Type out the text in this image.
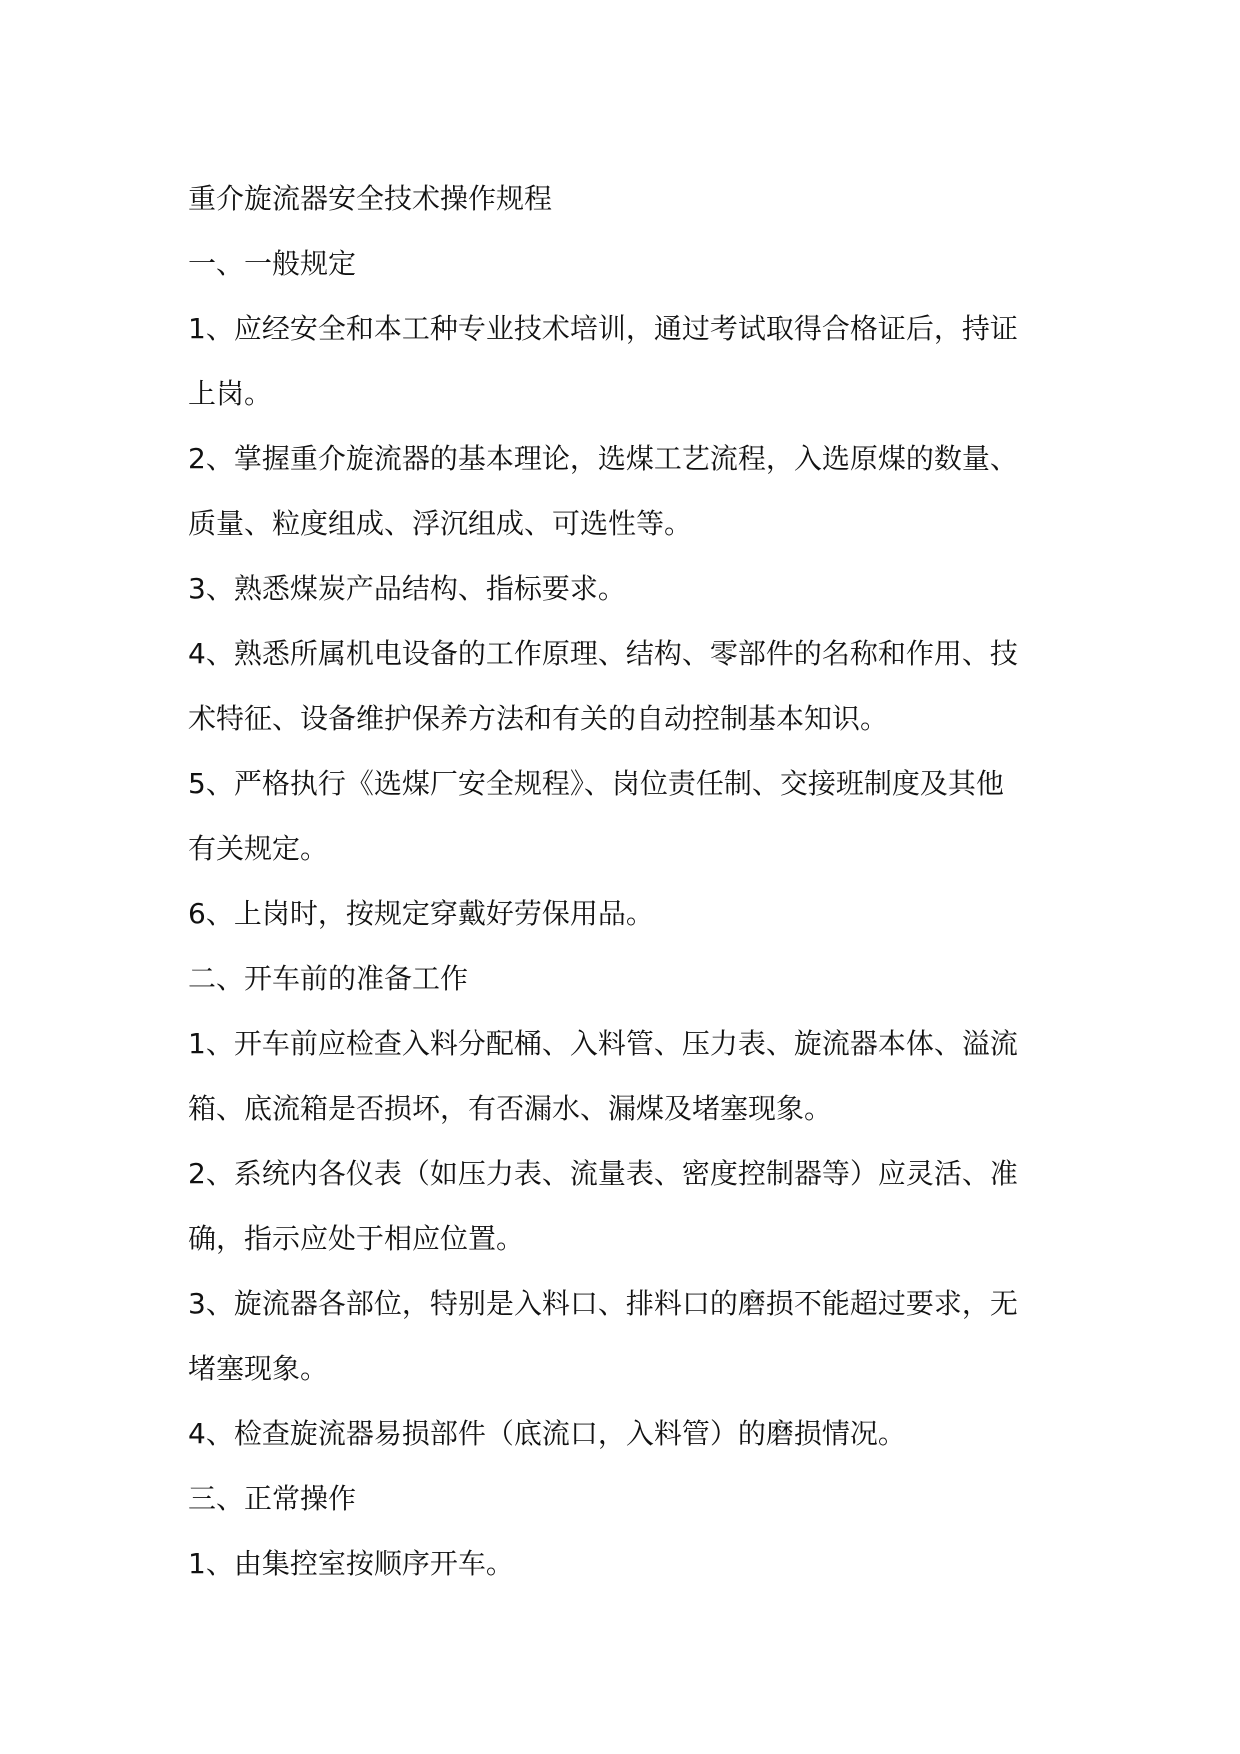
重介旋流器安全技术操作规程

一、一般规定

1、应经安全和本工种专业技术培训，通过考试取得合格证后，持证

上岗。

2、掌握重介旋流器的基本理论，选煤工艺流程，入选原煤的数量、

质量、粒度组成、浮沉组成、可选性等。

3、熟悉煤炭产品结构、指标要求。

4、熟悉所属机电设备的工作原理、结构、零部件的名称和作用、技

术特征、设备维护保养方法和有关的自动控制基本知识。

5、严格执行《选煤厂安全规程》、岗位责任制、交接班制度及其他

有关规定。

6、上岗时，按规定穿戴好劳保用品。

二、开车前的准备工作

1、开车前应检查入料分配桶、入料管、压力表、旋流器本体、溢流

箱、底流箱是否损坏，有否漏水、漏煤及堵塞现象。

2、系统内各仪表（如压力表、流量表、密度控制器等）应灵活、准

确，指示应处于相应位置。

3、旋流器各部位，特别是入料口、排料口的磨损不能超过要求，无

堵塞现象。

4、检查旋流器易损部件（底流口，入料管）的磨损情况。

三、正常操作

1、由集控室按顺序开车。
